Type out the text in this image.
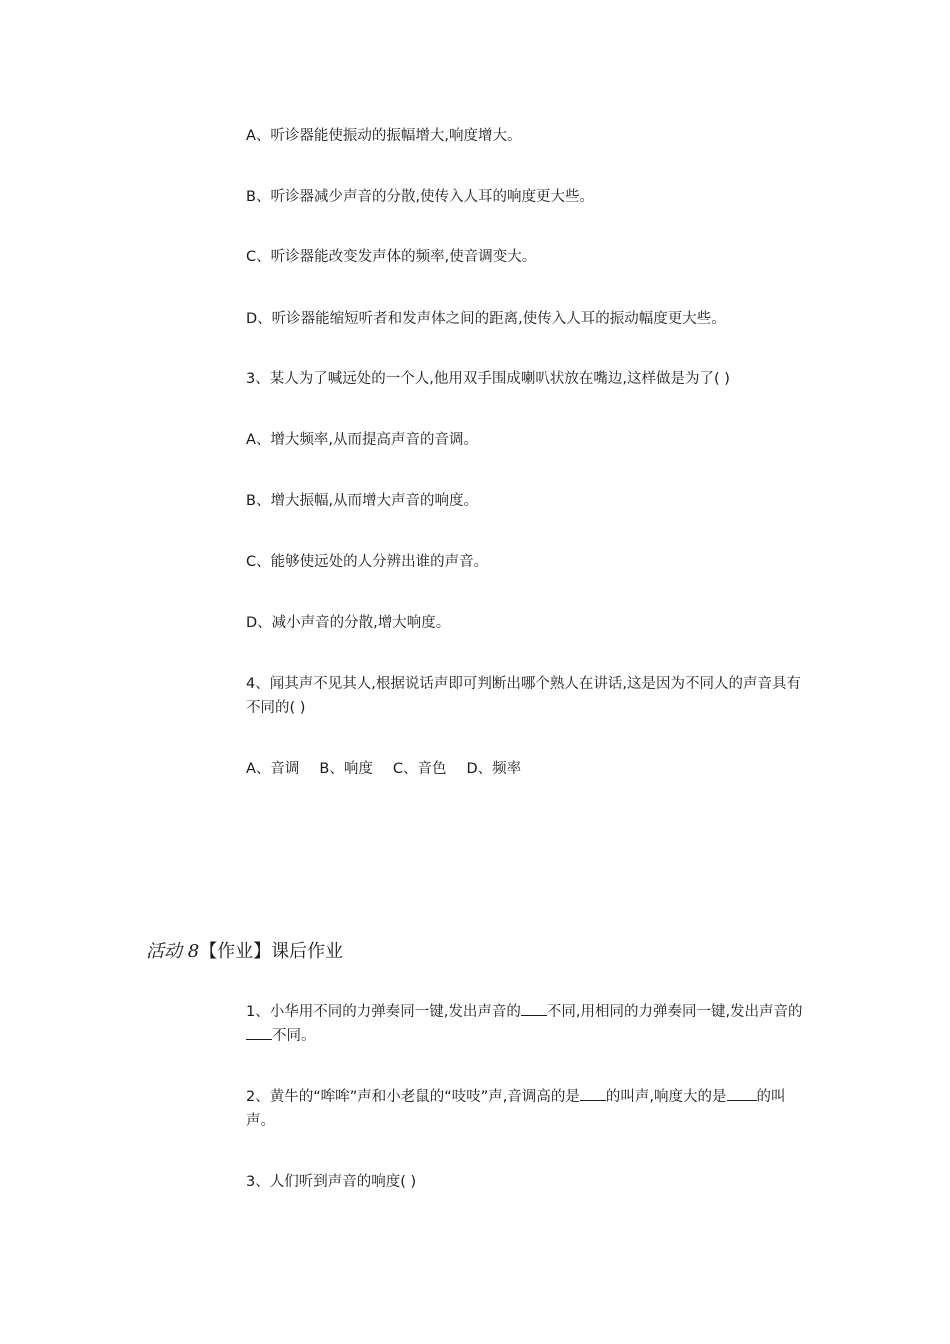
A、听诊器能使振动的振幅增大,响度增大。
B、听诊器减少声音的分散,使传入人耳的响度更大些。
C、听诊器能改变发声体的频率,使音调变大。
D、听诊器能缩短听者和发声体之间的距离,使传入人耳的振动幅度更大些。
3、某人为了喊远处的一个人,他用双手围成喇叭状放在嘴边,这样做是为了( )
A、增大频率,从而提高声音的音调。
B、增大振幅,从而增大声音的响度。
C、能够使远处的人分辨出谁的声音。
D、减小声音的分散,增大响度。
4、闻其声不见其人,根据说话声即可判断出哪个熟人在讲话,这是因为不同人的声音具有不同的( )
A、音调 B、响度 C、音色 D、频率
活动 8【作业】课后作业
1、小华用不同的力弹奏同一键,发出声音的 不同,用相同的力弹奏同一键,发出声音的不同。
2、黄牛的“哞哞”声和小老鼠的“吱吱”声,音调高的是 的叫声,响度大的是 的叫声。
3、人们听到声音的响度( )
